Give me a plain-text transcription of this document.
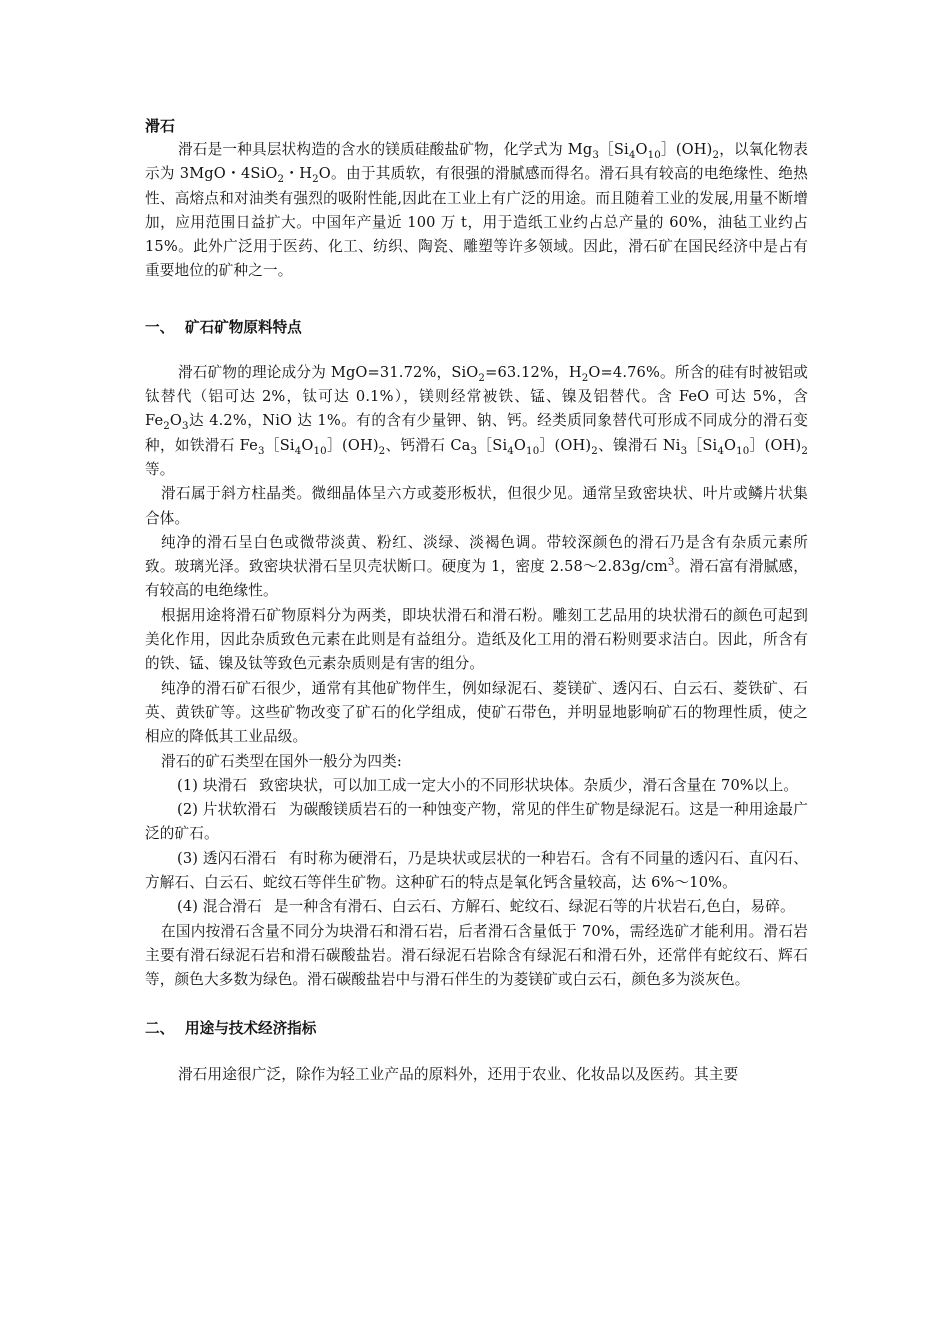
滑石

滑石是一种具层状构造的含水的镁质硅酸盐矿物，化学式为 $Mg_3[Si_4O_{10}](OH)_2$，以氧化物表示为 3MgO・4SiO$_2$・$H_2O$。由于其质软，有很强的滑腻感而得名。滑石具有较高的电绝缘性、绝热性、高熔点和对油类有强烈的吸附性能,因此在工业上有广泛的用途。而且随着工业的发展,用量不断增加，应用范围日益扩大。中国年产量近 100 万 t，用于造纸工业约占总产量的 60%，油毡工业约占 15%。此外广泛用于医药、化工、纺织、陶瓷、雕塑等许多领域。因此，滑石矿在国民经济中是占有重要地位的矿种之一。

一、 矿石矿物原料特点

滑石矿物的理论成分为 MgO=31.72%，SiO$_2$=63.12%，$H_2O=4.76\%$。所含的硅有时被铝或钛替代（铝可达 2%，钛可达 0.1%），镁则经常被铁、锰、镍及铝替代。含 FeO 可达 5%，含 $Fe_2O_3$达 4.2%，NiO 达 1%。有的含有少量钾、钠、钙。经类质同象替代可形成不同成分的滑石变种，如铁滑石 $Fe_3[Si_4O_{10}](OH)_2$、钙滑石 $Ca_3[Si_4O_{10}](OH)_2$、镍滑石 $Ni_3[Si_4O_{10}](OH)_2$等。

滑石属于斜方柱晶类。微细晶体呈六方或菱形板状，但很少见。通常呈致密块状、叶片或鳞片状集合体。

纯净的滑石呈白色或微带淡黄、粉红、淡绿、淡褐色调。带较深颜色的滑石乃是含有杂质元素所致。玻璃光泽。致密块状滑石呈贝壳状断口。硬度为 1，密度 $2.58\sim 2.83g/cm^3$。滑石富有滑腻感，有较高的电绝缘性。

根据用途将滑石矿物原料分为两类，即块状滑石和滑石粉。雕刻工艺品用的块状滑石的颜色可起到美化作用，因此杂质致色元素在此则是有益组分。造纸及化工用的滑石粉则要求洁白。因此，所含有的铁、锰、镍及钛等致色元素杂质则是有害的组分。

纯净的滑石矿石很少，通常有其他矿物伴生，例如绿泥石、菱镁矿、透闪石、白云石、菱铁矿、石英、黄铁矿等。这些矿物改变了矿石的化学组成，使矿石带色，并明显地影响矿石的物理性质，使之相应的降低其工业品级。

滑石的矿石类型在国外一般分为四类:

(1) 块滑石 致密块状，可以加工成一定大小的不同形状块体。杂质少，滑石含量在 70%以上。

(2) 片状软滑石 为碳酸镁质岩石的一种蚀变产物，常见的伴生矿物是绿泥石。这是一种用途最广泛的矿石。

(3) 透闪石滑石 有时称为硬滑石，乃是块状或层状的一种岩石。含有不同量的透闪石、直闪石、方解石、白云石、蛇纹石等伴生矿物。这种矿石的特点是氧化钙含量较高，达 6%～10%。

(4) 混合滑石 是一种含有滑石、白云石、方解石、蛇纹石、绿泥石等的片状岩石,色白，易碎。

在国内按滑石含量不同分为块滑石和滑石岩，后者滑石含量低于 70%，需经选矿才能利用。滑石岩主要有滑石绿泥石岩和滑石碳酸盐岩。滑石绿泥石岩除含有绿泥石和滑石外，还常伴有蛇纹石、辉石等，颜色大多数为绿色。滑石碳酸盐岩中与滑石伴生的为菱镁矿或白云石，颜色多为淡灰色。

二、 用途与技术经济指标

滑石用途很广泛，除作为轻工业产品的原料外，还用于农业、化妆品以及医药。其主要
